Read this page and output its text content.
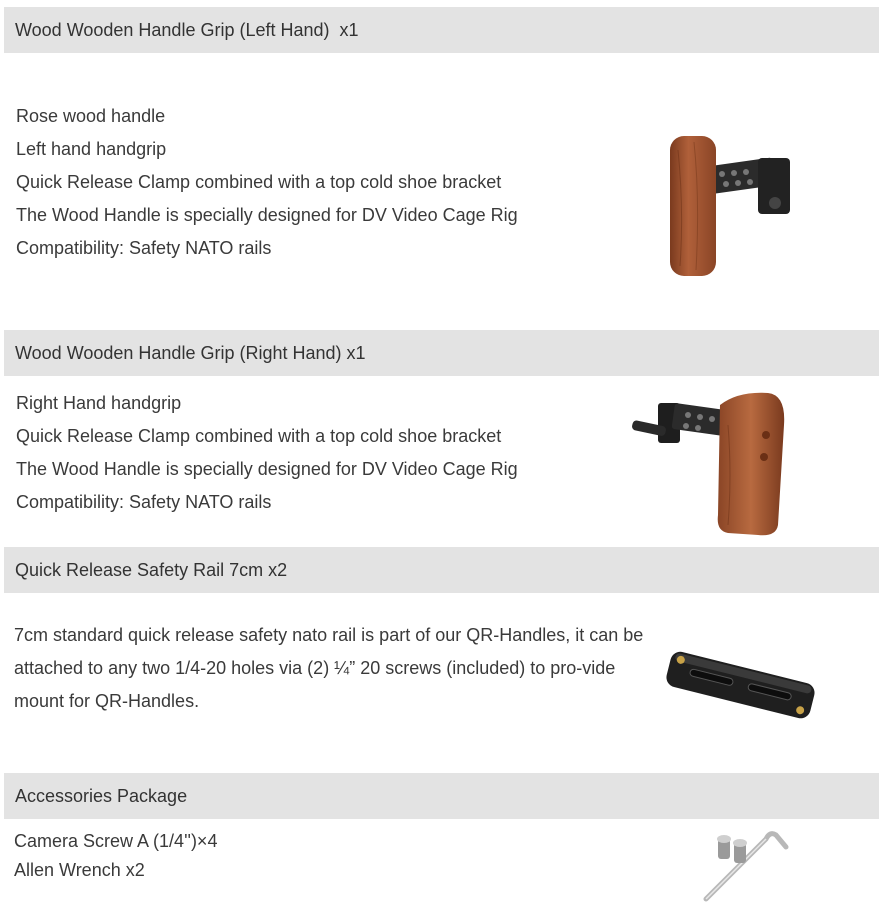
Wood Wooden Handle Grip (Left Hand)  x1
Rose wood handle
Left hand handgrip
Quick Release Clamp combined with a top cold shoe bracket
The Wood Handle is specially designed for DV Video Cage Rig
Compatibility: Safety NATO rails
Wood Wooden Handle Grip (Right Hand) x1
Right Hand handgrip
Quick Release Clamp combined with a top cold shoe bracket
The Wood Handle is specially designed for DV Video Cage Rig
Compatibility: Safety NATO rails
Quick Release Safety Rail 7cm x2
7cm standard quick release safety nato rail is part of our QR-Handles, it can be attached to any two 1/4-20 holes via (2) ¼” 20 screws (included) to pro-vide mount for QR-Handles.
Accessories Package
Camera Screw A (1/4'')×4
Allen Wrench x2
